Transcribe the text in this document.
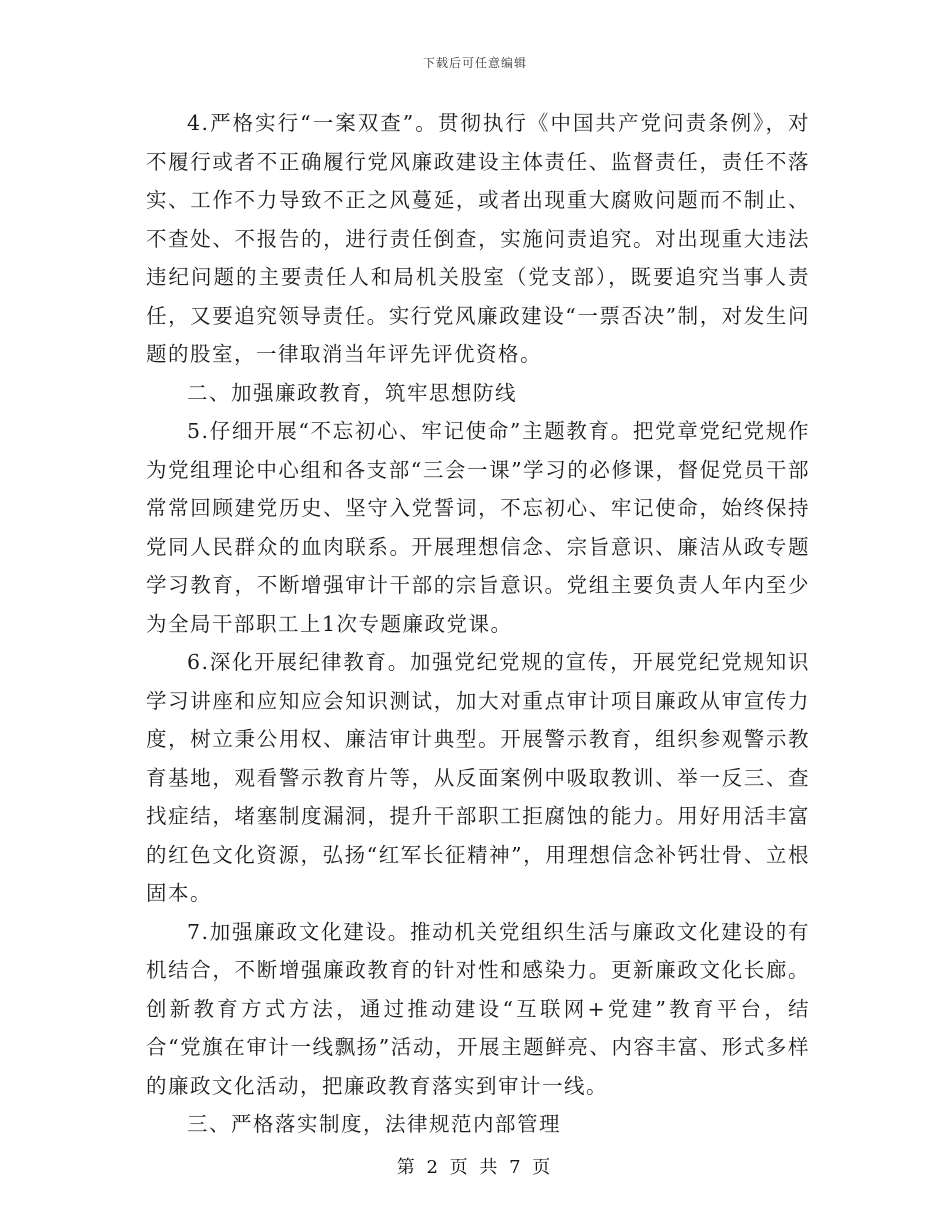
下载后可任意编辑

4.严格实行“一案双查”。贯彻执行《中国共产党问责条例》，对不履行或者不正确履行党风廉政建设主体责任、监督责任，责任不落实、工作不力导致不正之风蔓延，或者出现重大腐败问题而不制止、不查处、不报告的，进行责任倒查，实施问责追究。对出现重大违法违纪问题的主要责任人和局机关股室（党支部），既要追究当事人责任，又要追究领导责任。实行党风廉政建设“一票否决”制，对发生问题的股室，一律取消当年评先评优资格。

二、加强廉政教育，筑牢思想防线

5.仔细开展“不忘初心、牢记使命”主题教育。把党章党纪党规作为党组理论中心组和各支部“三会一课”学习的必修课，督促党员干部常常回顾建党历史、坚守入党誓词，不忘初心、牢记使命，始终保持党同人民群众的血肉联系。开展理想信念、宗旨意识、廉洁从政专题学习教育，不断增强审计干部的宗旨意识。党组主要负责人年内至少为全局干部职工上1次专题廉政党课。

6.深化开展纪律教育。加强党纪党规的宣传，开展党纪党规知识学习讲座和应知应会知识测试，加大对重点审计项目廉政从审宣传力度，树立秉公用权、廉洁审计典型。开展警示教育，组织参观警示教育基地，观看警示教育片等，从反面案例中吸取教训、举一反三、查找症结，堵塞制度漏洞，提升干部职工拒腐蚀的能力。用好用活丰富的红色文化资源，弘扬“红军长征精神”，用理想信念补钙壮骨、立根固本。

7.加强廉政文化建设。推动机关党组织生活与廉政文化建设的有机结合，不断增强廉政教育的针对性和感染力。更新廉政文化长廊。创新教育方式方法，通过推动建设“互联网+党建”教育平台，结合“党旗在审计一线飘扬”活动，开展主题鲜亮、内容丰富、形式多样的廉政文化活动，把廉政教育落实到审计一线。

三、严格落实制度，法律规范内部管理

第 2 页 共 7 页
